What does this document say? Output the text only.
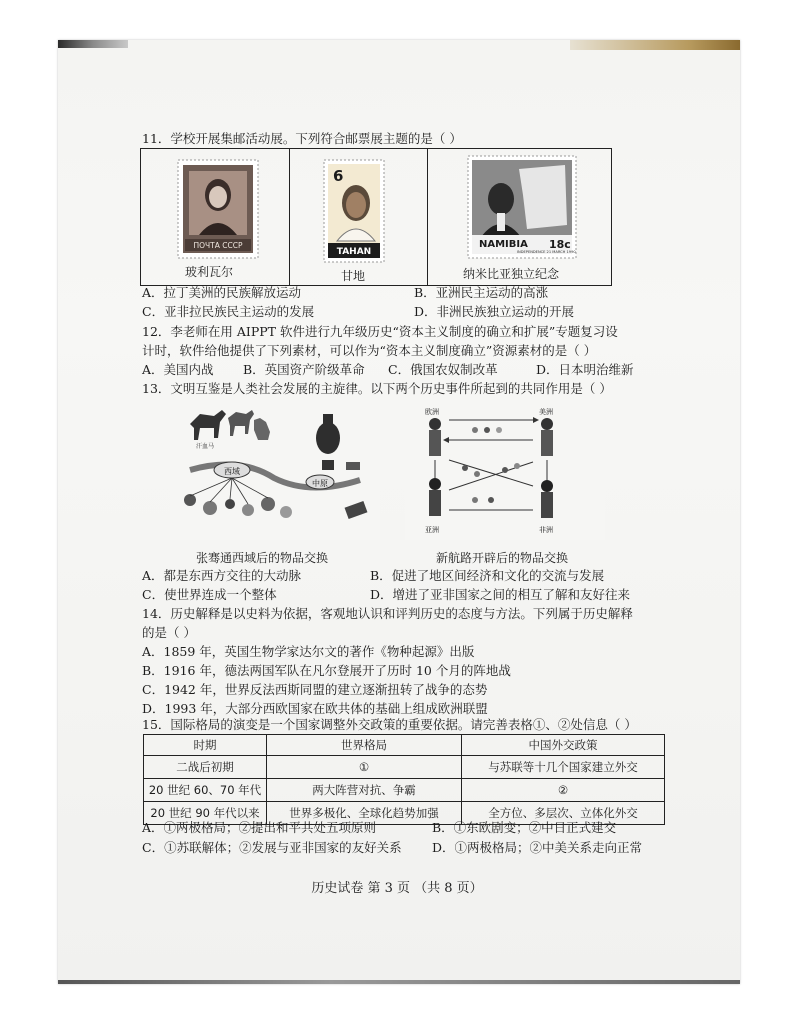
11．学校开展集邮活动展。下列符合邮票展主题的是（ ）
ПОЧТА СССР
玻利瓦尔
6
TAHAN
甘地
NAMIBIA 18c
INDEPENDENCE 21 MARCH 1990
纳米比亚独立纪念
A．拉丁美洲的民族解放运动	B．亚洲民主运动的高涨
C．亚非拉民族民主运动的发展	D．非洲民族独立运动的开展
12．李老师在用 AIPPT 软件进行九年级历史“资本主义制度的确立和扩展”专题复习设
计时，软件给他提供了下列素材，可以作为“资本主义制度确立”资源素材的是（ ）
A．美国内战 B．英国资产阶级革命 C．俄国农奴制改革	D．日本明治维新
13．文明互鉴是人类社会发展的主旋律。以下两个历史事件所起到的共同作用是（ ）
西域
中原
汗血马
张骞通西域后的物品交换
欧洲	美洲
非洲
亚洲
新航路开辟后的物品交换
A．都是东西方交往的大动脉	B．促进了地区间经济和文化的交流与发展
C．使世界连成一个整体	D．增进了亚非国家之间的相互了解和友好往来
14．历史解释是以史料为依据，客观地认识和评判历史的态度与方法。下列属于历史解释
的是（ ）
A．1859 年，英国生物学家达尔文的著作《物种起源》出版
B．1916 年，德法两国军队在凡尔登展开了历时 10 个月的阵地战
C．1942 年，世界反法西斯同盟的建立逐渐扭转了战争的态势
D．1993 年，大部分西欧国家在欧共体的基础上组成欧洲联盟
15．国际格局的演变是一个国家调整外交政策的重要依据。请完善表格①、②处信息（ ）
时期	世界格局	中国外交政策
二战后初期	①	与苏联等十几个国家建立外交
20 世纪 60、70 年代	两大阵营对抗、争霸	②
20 世纪 90 年代以来	世界多极化、全球化趋势加强	全方位、多层次、立体化外交
A．①两极格局；②提出和平共处五项原则	B．①东欧剧变；②中日正式建交
C．①苏联解体；②发展与亚非国家的友好关系 D．①两极格局；②中美关系走向正常
历史试卷 第 3 页 （共 8 页）
